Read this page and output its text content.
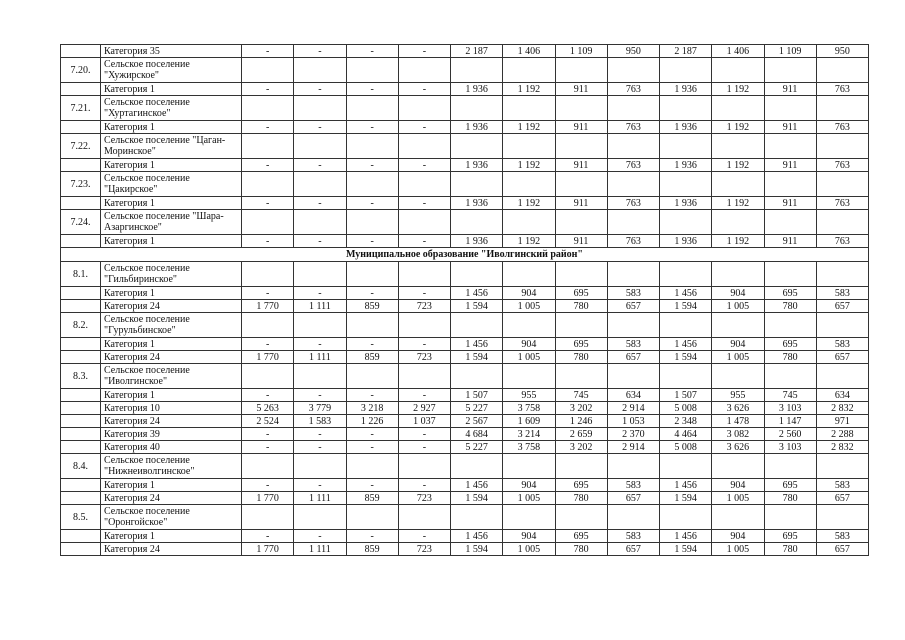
	Категория 35	-	-	-	-	2 187	1 406	1 109	950	2 187	1 406	1 109	950
7.20.	Сельское поселение "Хужирское"												
	Категория 1	-	-	-	-	1 936	1 192	911	763	1 936	1 192	911	763
7.21.	Сельское поселение "Хуртагинское"												
	Категория 1	-	-	-	-	1 936	1 192	911	763	1 936	1 192	911	763
7.22.	Сельское поселение "Цаган-Моринское"												
	Категория 1	-	-	-	-	1 936	1 192	911	763	1 936	1 192	911	763
7.23.	Сельское поселение "Цакирское"												
	Категория 1	-	-	-	-	1 936	1 192	911	763	1 936	1 192	911	763
7.24.	Сельское поселение "Шара-Азаргинское"												
	Категория 1	-	-	-	-	1 936	1 192	911	763	1 936	1 192	911	763
Муниципальное образование "Иволгинский район"													
8.1.	Сельское поселение "Гильбиринское"												
	Категория 1	-	-	-	-	1 456	904	695	583	1 456	904	695	583
	Категория 24	1 770	1 111	859	723	1 594	1 005	780	657	1 594	1 005	780	657
8.2.	Сельское поселение "Гурульбинское"												
	Категория 1	-	-	-	-	1 456	904	695	583	1 456	904	695	583
	Категория 24	1 770	1 111	859	723	1 594	1 005	780	657	1 594	1 005	780	657
8.3.	Сельское поселение "Иволгинское"												
	Категория 1	-	-	-	-	1 507	955	745	634	1 507	955	745	634
	Категория 10	5 263	3 779	3 218	2 927	5 227	3 758	3 202	2 914	5 008	3 626	3 103	2 832
	Категория 24	2 524	1 583	1 226	1 037	2 567	1 609	1 246	1 053	2 348	1 478	1 147	971
	Категория 39	-	-	-	-	4 684	3 214	2 659	2 370	4 464	3 082	2 560	2 288
	Категория 40	-	-	-	-	5 227	3 758	3 202	2 914	5 008	3 626	3 103	2 832
8.4.	Сельское поселение "Нижнеиволгинское"												
	Категория 1	-	-	-	-	1 456	904	695	583	1 456	904	695	583
	Категория 24	1 770	1 111	859	723	1 594	1 005	780	657	1 594	1 005	780	657
8.5.	Сельское поселение "Оронгойское"												
	Категория 1	-	-	-	-	1 456	904	695	583	1 456	904	695	583
	Категория 24	1 770	1 111	859	723	1 594	1 005	780	657	1 594	1 005	780	657
